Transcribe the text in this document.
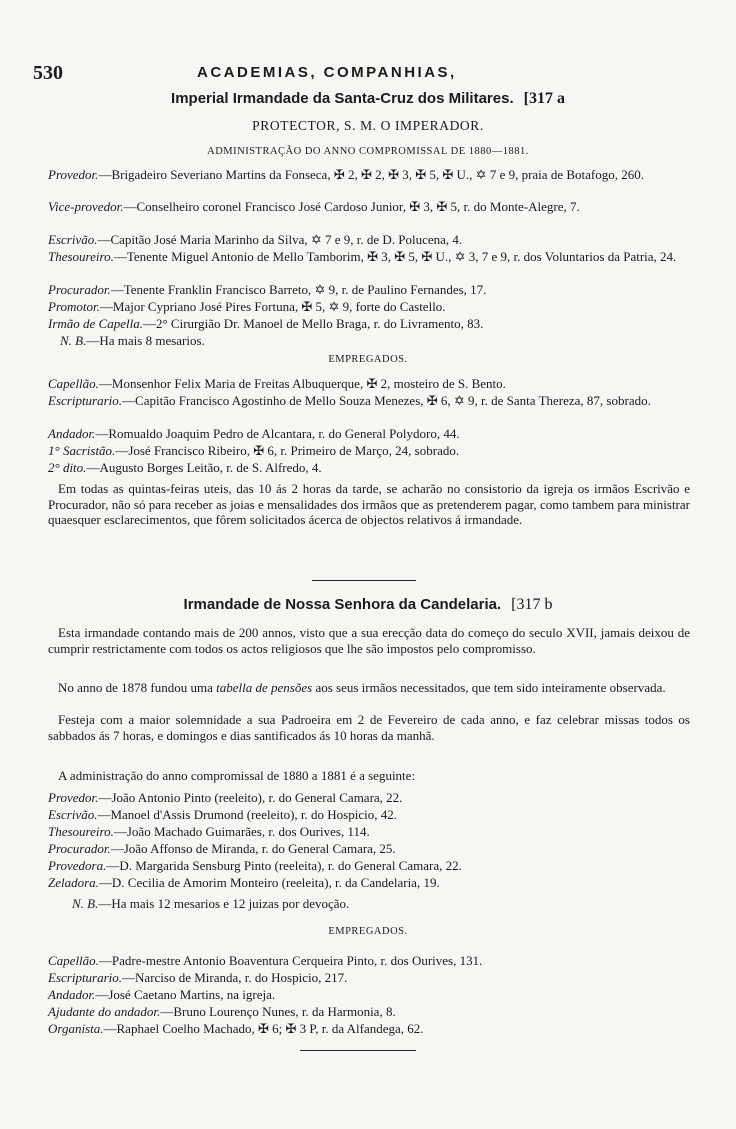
530	ACADEMIAS, COMPANHIAS,
Imperial Irmandade da Santa-Cruz dos Militares. [317 a
PROTECTOR, S. M. O IMPERADOR.
ADMINISTRAÇÃO DO ANNO COMPROMISSAL DE 1880—1881.
Provedor.—Brigadeiro Severiano Martins da Fonseca, ✠ 2, ✠ 2, ✠ 3, ✠ 5, ✠ U., ✡ 7 e 9, praia de Botafogo, 260.
Vice-provedor.—Conselheiro coronel Francisco José Cardoso Junior, ✠ 3, ✠ 5, r. do Monte-Alegre, 7.
Escrivão.—Capitão José Maria Marinho da Silva, ✡ 7 e 9, r. de D. Polucena, 4.
Thesoureiro.—Tenente Miguel Antonio de Mello Tamborim, ✠ 3, ✠ 5, ✠ U., ✡ 3, 7 e 9, r. dos Voluntarios da Patria, 24.
Procurador.—Tenente Franklin Francisco Barreto, ✡ 9, r. de Paulino Fernandes, 17.
Promotor.—Major Cypriano José Pires Fortuna, ✠ 5, ✡ 9, forte do Castello.
Irmão de Capella.—2° Cirurgião Dr. Manoel de Mello Braga, r. do Livramento, 83.
N. B.—Ha mais 8 mesarios.
EMPREGADOS.
Capellão.—Monsenhor Felix Maria de Freitas Albuquerque, ✠ 2, mosteiro de S. Bento.
Escripturario.—Capitão Francisco Agostinho de Mello Souza Menezes, ✠ 6, ✡ 9, r. de Santa Thereza, 87, sobrado.
Andador.—Romualdo Joaquim Pedro de Alcantara, r. do General Polydoro, 44.
1° Sacristão.—José Francisco Ribeiro, ✠ 6, r. Primeiro de Março, 24, sobrado.
2° dito.—Augusto Borges Leitão, r. de S. Alfredo, 4.
Em todas as quintas-feiras uteis, das 10 ás 2 horas da tarde, se acharão no consistorio da igreja os irmãos Escrivão e Procurador, não só para receber as joias e mensalidades dos irmãos que as pretenderem pagar, como tambem para ministrar quaesquer esclarecimentos, que fôrem solicitados ácerca de objectos relativos á irmandade.
Irmandade de Nossa Senhora da Candelaria. [317 b
Esta irmandade contando mais de 200 annos, visto que a sua erecção data do começo do seculo XVII, jamais deixou de cumprir restrictamente com todos os actos religiosos que lhe são impostos pelo compromisso.
No anno de 1878 fundou uma tabella de pensões aos seus irmãos necessitados, que tem sido inteiramente observada.
Festeja com a maior solemnidade a sua Padroeira em 2 de Fevereiro de cada anno, e faz celebrar missas todos os sabbados ás 7 horas, e domingos e dias santificados ás 10 horas da manhã.
A administração do anno compromissal de 1880 a 1881 é a seguinte:
Provedor.—João Antonio Pinto (reeleito), r. do General Camara, 22.
Escrivão.—Manoel d'Assis Drumond (reeleito), r. do Hospicio, 42.
Thesoureiro.—João Machado Guimarães, r. dos Ourives, 114.
Procurador.—João Affonso de Miranda, r. do General Camara, 25.
Provedora.—D. Margarida Sensburg Pinto (reeleita), r. do General Camara, 22.
Zeladora.—D. Cecilia de Amorim Monteiro (reeleita), r. da Candelaria, 19.
N. B.—Ha mais 12 mesarios e 12 juizas por devoção.
EMPREGADOS.
Capellão.—Padre-mestre Antonio Boaventura Cerqueira Pinto, r. dos Ourives, 131.
Escripturario.—Narciso de Miranda, r. do Hospicio, 217.
Andador.—José Caetano Martins, na igreja.
Ajudante do andador.—Bruno Lourenço Nunes, r. da Harmonia, 8.
Organista.—Raphael Coelho Machado, ✠ 6; ✠ 3 P, r. da Alfandega, 62.
